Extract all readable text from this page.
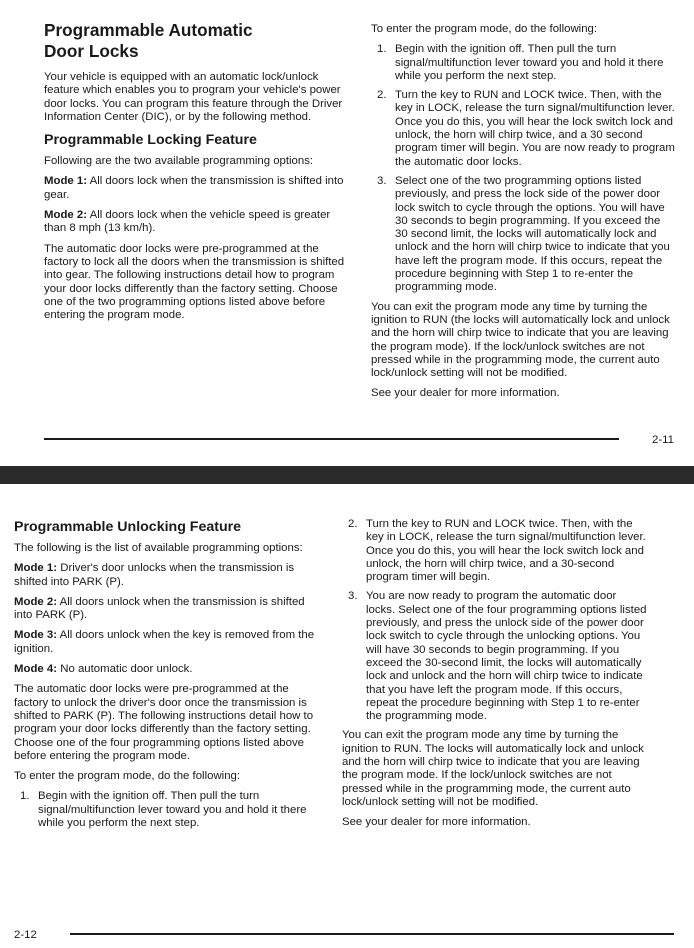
Programmable Automatic
Door Locks

Your vehicle is equipped with an automatic lock/unlock feature which enables you to program your vehicle's power door locks. You can program this feature through the Driver Information Center (DIC), or by the following method.

Programmable Locking Feature

Following are the two available programming options:

Mode 1: All doors lock when the transmission is shifted into gear.

Mode 2: All doors lock when the vehicle speed is greater than 8 mph (13 km/h).

The automatic door locks were pre-programmed at the factory to lock all the doors when the transmission is shifted into gear. The following instructions detail how to program your door locks differently than the factory setting. Choose one of the two programming options listed above before entering the program mode.

To enter the program mode, do the following:

1. Begin with the ignition off. Then pull the turn signal/multifunction lever toward you and hold it there while you perform the next step.
2. Turn the key to RUN and LOCK twice. Then, with the key in LOCK, release the turn signal/multifunction lever. Once you do this, you will hear the lock switch lock and unlock, the horn will chirp twice, and a 30 second program timer will begin. You are now ready to program the automatic door locks.
3. Select one of the two programming options listed previously, and press the lock side of the power door lock switch to cycle through the options. You will have 30 seconds to begin programming. If you exceed the 30 second limit, the locks will automatically lock and unlock and the horn will chirp twice to indicate that you have left the program mode. If this occurs, repeat the procedure beginning with Step 1 to re-enter the programming mode.

You can exit the program mode any time by turning the ignition to RUN (the locks will automatically lock and unlock and the horn will chirp twice to indicate that you are leaving the program mode). If the lock/unlock switches are not pressed while in the programming mode, the current auto lock/unlock setting will not be modified.

See your dealer for more information.

2-11
Programmable Unlocking Feature

The following is the list of available programming options:

Mode 1: Driver's door unlocks when the transmission is shifted into PARK (P).

Mode 2: All doors unlock when the transmission is shifted into PARK (P).

Mode 3: All doors unlock when the key is removed from the ignition.

Mode 4: No automatic door unlock.

The automatic door locks were pre-programmed at the factory to unlock the driver's door once the transmission is shifted to PARK (P). The following instructions detail how to program your door locks differently than the factory setting. Choose one of the four programming options listed above before entering the program mode.

To enter the program mode, do the following:

1. Begin with the ignition off. Then pull the turn signal/multifunction lever toward you and hold it there while you perform the next step.
2. Turn the key to RUN and LOCK twice. Then, with the key in LOCK, release the turn signal/multifunction lever. Once you do this, you will hear the lock switch lock and unlock, the horn will chirp twice, and a 30-second program timer will begin.
3. You are now ready to program the automatic door locks. Select one of the four programming options listed previously, and press the unlock side of the power door lock switch to cycle through the unlocking options. You will have 30 seconds to begin programming. If you exceed the 30-second limit, the locks will automatically lock and unlock and the horn will chirp twice to indicate that you have left the program mode. If this occurs, repeat the procedure beginning with Step 1 to re-enter the programming mode.

You can exit the program mode any time by turning the ignition to RUN. The locks will automatically lock and unlock and the horn will chirp twice to indicate that you are leaving the program mode. If the lock/unlock switches are not pressed while in the programming mode, the current auto lock/unlock setting will not be modified.

See your dealer for more information.

2-12
